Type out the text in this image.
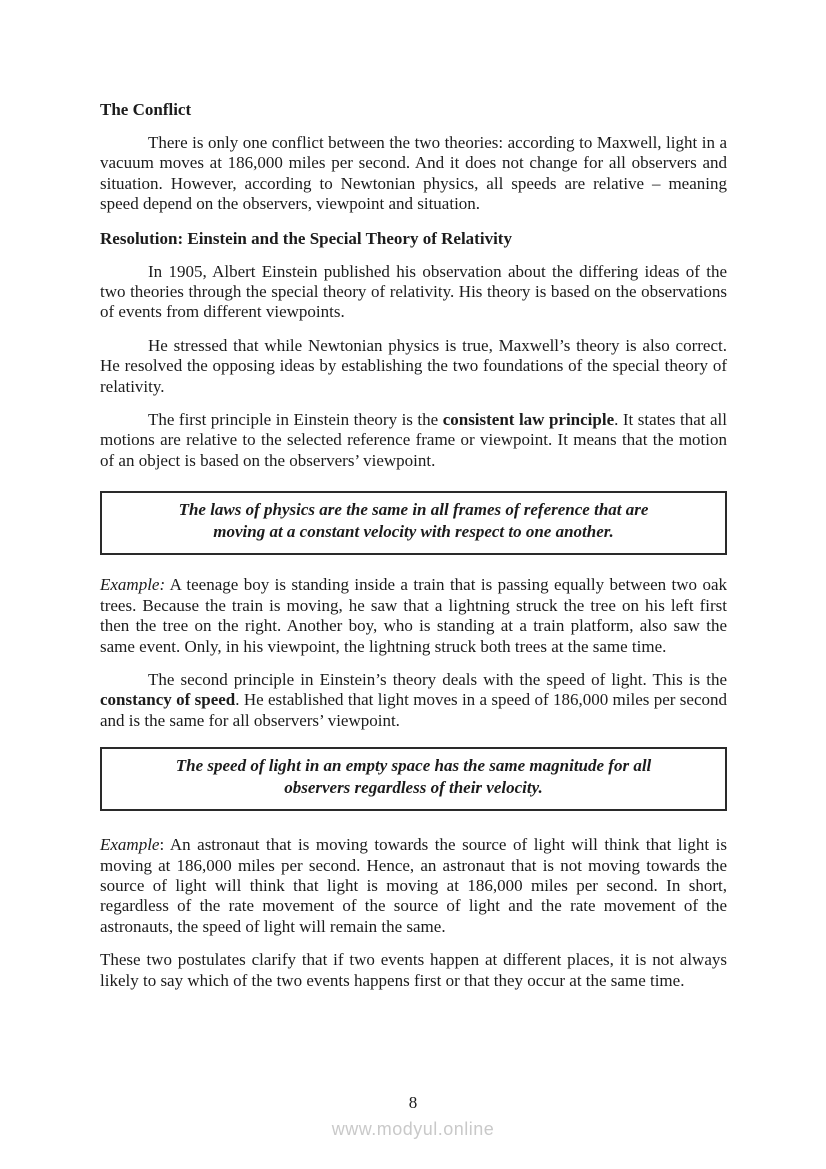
The Conflict

There is only one conflict between the two theories: according to Maxwell, light in a vacuum moves at 186,000 miles per second. And it does not change for all observers and situation. However, according to Newtonian physics, all speeds are relative – meaning speed depend on the observers, viewpoint and situation.

Resolution: Einstein and the Special Theory of Relativity

In 1905, Albert Einstein published his observation about the differing ideas of the two theories through the special theory of relativity. His theory is based on the observations of events from different viewpoints.

He stressed that while Newtonian physics is true, Maxwell’s theory is also correct. He resolved the opposing ideas by establishing the two foundations of the special theory of relativity.

The first principle in Einstein theory is the consistent law principle. It states that all motions are relative to the selected reference frame or viewpoint. It means that the motion of an object is based on the observers’ viewpoint.

The laws of physics are the same in all frames of reference that are
moving at a constant velocity with respect to one another.

Example: A teenage boy is standing inside a train that is passing equally between two oak trees. Because the train is moving, he saw that a lightning struck the tree on his left first then the tree on the right. Another boy, who is standing at a train platform, also saw the same event. Only, in his viewpoint, the lightning struck both trees at the same time.

The second principle in Einstein’s theory deals with the speed of light. This is the constancy of speed. He established that light moves in a speed of 186,000 miles per second and is the same for all observers’ viewpoint.

The speed of light in an empty space has the same magnitude for all
observers regardless of their velocity.

Example: An astronaut that is moving towards the source of light will think that light is moving at 186,000 miles per second. Hence, an astronaut that is not moving towards the source of light will think that light is moving at 186,000 miles per second. In short, regardless of the rate movement of the source of light and the rate movement of the astronauts, the speed of light will remain the same.

These two postulates clarify that if two events happen at different places, it is not always likely to say which of the two events happens first or that they occur at the same time.

8
www.modyul.online
